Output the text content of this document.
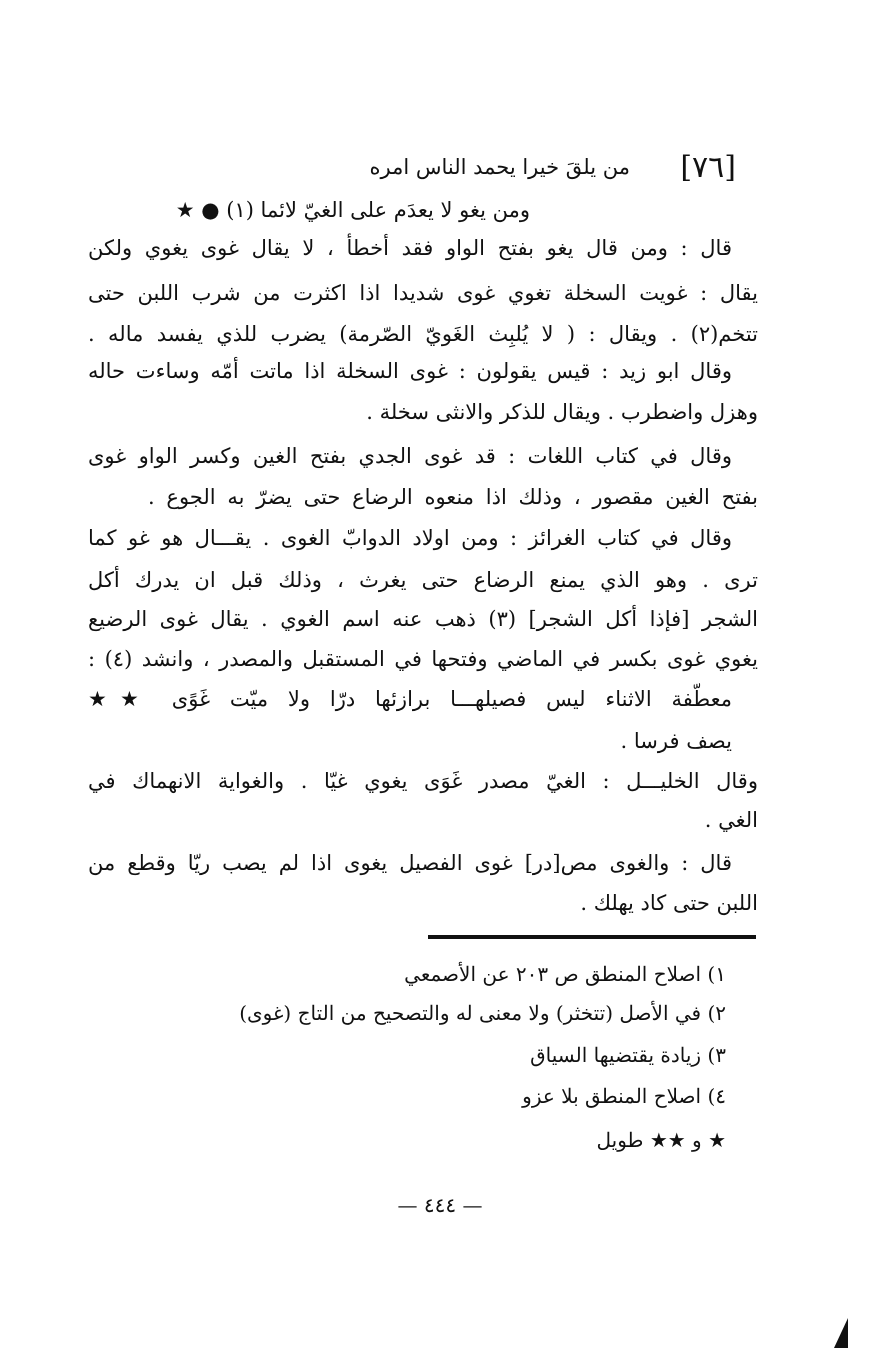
[٧٦]
من يلقَ خيرا يحمد الناس امره
ومن يغو لا يعدَم على الغيّ لائما (١) ● ★
قال : ومن قال يغو بفتح الواو فقد أخطأ ، لا يقال غوى يغوي ولكن
يقال : غويت السخلة تغوي غوى شديدا اذا اكثرت من شرب اللبن حتى
تتخم(٢) . ويقال : ( لا يُلبِث الغَويّ الصّرمة) يضرب للذي يفسد ماله .
وقال ابو زيد : قيس يقولون : غوى السخلة اذا ماتت أمّه وساءت حاله
وهزل واضطرب . ويقال للذكر والانثى سخلة .
وقال في كتاب اللغات : قد غوى الجدي بفتح الغين وكسر الواو غوى
بفتح الغين مقصور ، وذلك اذا منعوه الرضاع حتى يضرّ به الجوع .
وقال في كتاب الغرائز : ومن اولاد الدوابّ الغوى . يقـــال هو غو كما
ترى . وهو الذي يمنع الرضاع حتى يغرث ، وذلك قبل ان يدرك أكل
الشجر [فإذا أكل الشجر] (٣) ذهب عنه اسم الغوي . يقال غوى الرضيع
يغوي غوى بكسر في الماضي وفتحها في المستقبل والمصدر ، وانشد (٤) :
معطّفة الاثناء ليس فصيلهـــا برازئها درّا ولا ميّت غَوًى ★★
يصف فرسا .
وقال الخليـــل : الغيّ مصدر غَوَى يغوي غيّا . والغواية الانهماك في
الغي .
قال : والغوى مص[در] غوى الفصيل يغوى اذا لم يصب ريّا وقطع من
اللبن حتى كاد يهلك .
١) اصلاح المنطق ص ٢٠٣ عن الأصمعي
٢) في الأصل (تتخثر) ولا معنى له والتصحيح من التاج (غوى)
٣) زيادة يقتضيها السياق
٤) اصلاح المنطق بلا عزو
★ و ★★ طويل
— ٤٤٤ —
